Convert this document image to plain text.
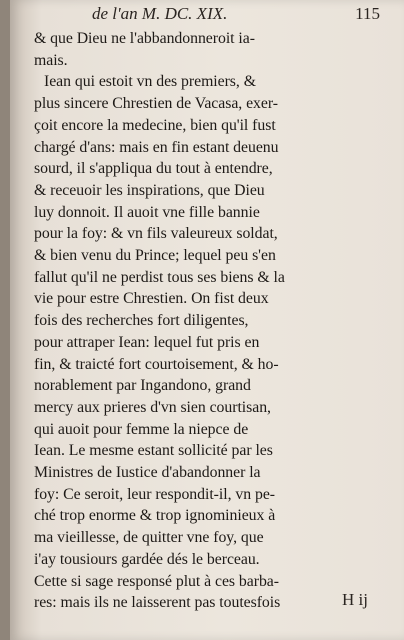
de l'an M. DC. XIX.	115
& que Dieu ne l'abbandonneroit ia-
mais.
Iean qui estoit vn des premiers, &
plus sincere Chrestien de Vacasa, exer-
çoit encore la medecine, bien qu'il fust
chargé d'ans: mais en fin estant deuenu
sourd, il s'appliqua du tout à entendre,
& receuoir les inspirations, que Dieu
luy donnoit. Il auoit vne fille bannie
pour la foy: & vn fils valeureux soldat,
& bien venu du Prince; lequel peu s'en
fallut qu'il ne perdist tous ses biens & la
vie pour estre Chrestien. On fist deux
fois des recherches fort diligentes,
pour attraper Iean: lequel fut pris en
fin, & traicté fort courtoisement, & ho-
norablement par Ingandono, grand
mercy aux prieres d'vn sien courtisan,
qui auoit pour femme la niepce de
Iean. Le mesme estant sollicité par les
Ministres de Iustice d'abandonner la
foy: Ce seroit, leur respondit-il, vn pe-
ché trop enorme & trop ignominieux à
ma vieillesse, de quitter vne foy, que
i'ay tousiours gardée dés le berceau.
Cette si sage responsé plut à ces barba-
res: mais ils ne laisserent pas toutesfois	H ij
